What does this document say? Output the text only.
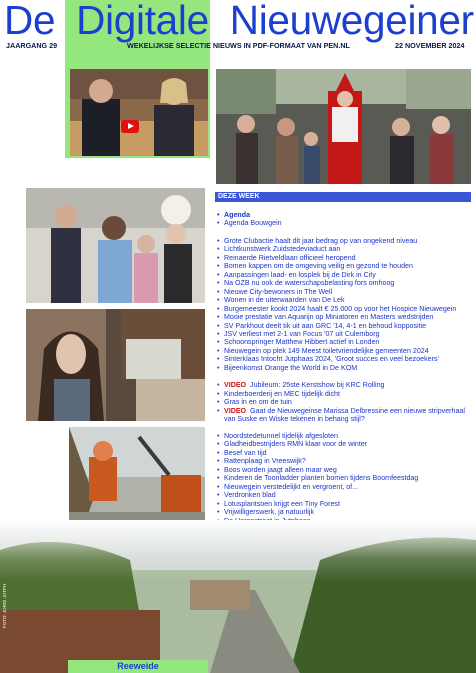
De Digitale Nieuwegeiner
JAARGANG 29	WEKELIJKSE SELECTIE NIEUWS IN PDF-FORMAAT VAN PEN.NL	22 NOVEMBER 2024
DEZE WEEK
• Agenda
• Agenda Bouwgein
• Grote Clubactie haalt dit jaar bedrag op van ongekend niveau
• Lichtkunstwerk Zuidstedeviaduct aan
• Reinaerde Rietveldlaan officieel heropend
• Bomen kappen om de omgeving veilig en gezond te houden
• Aanpassingen laad- en losplek bij de Dirk in City
• Na OZB nu ook de waterschapsbelasting fors omhoog
• Nieuwe City-bewoners in The Well
• Wonen in de uiterwaarden van De Lek
• Burgemeester kookt 2024 haalt € 25.000 op voor het Hospice Nieuwegein
• Mooie prestatie van Aquarijn op Miniatoren en Masters wedstrijden
• SV Parkhout deelt tik uit aan GRC '14, 4-1 en behoud koppositie
• JSV verliest met 2-1 van Focus '07 uit Culemborg
• Schoonspringer Matthew Hibbert actief in Londen
• Nieuwegein op plek 149 Meest toiletvriendelijke gemeenten 2024
• Sinterklaas Intocht Jutphaas 2024, 'Groot succes en veel bezoekers'
• Bijeenkomst Orange the World in De KOM
• VIDEO Jubileum: 25ste Kerstshow bij KRC Rolling
• Kinderboerderij en MEC tijdelijk dicht
• Gras in en om de tuin
• VIDEO Gaat de Nieuwegeinse Marissa Delbressine een nieuwe stripverhaal van Suske en Wiske tekenen in behang stijl?
• Noordstedetunnel tijdelijk afgesloten
• Gladheidbestrijders RMN klaar voor de winter
• Besef van tijd
• Rattenplaag in Vreeswijk?
• Boos worden jaagt alleen maar weg
• Kinderen de Toonladder planten bomen tijdens Boomfeestdag
• Nieuwegein verstedelijkt en vergroent, of...
• Verdronken blad
• Lotusplantsoen krijgt een Tiny Forest
• Vrijwilligerswerk, ja natuurlijk
•
•
FOTO: JORDI JUTPH.
Reeweide
